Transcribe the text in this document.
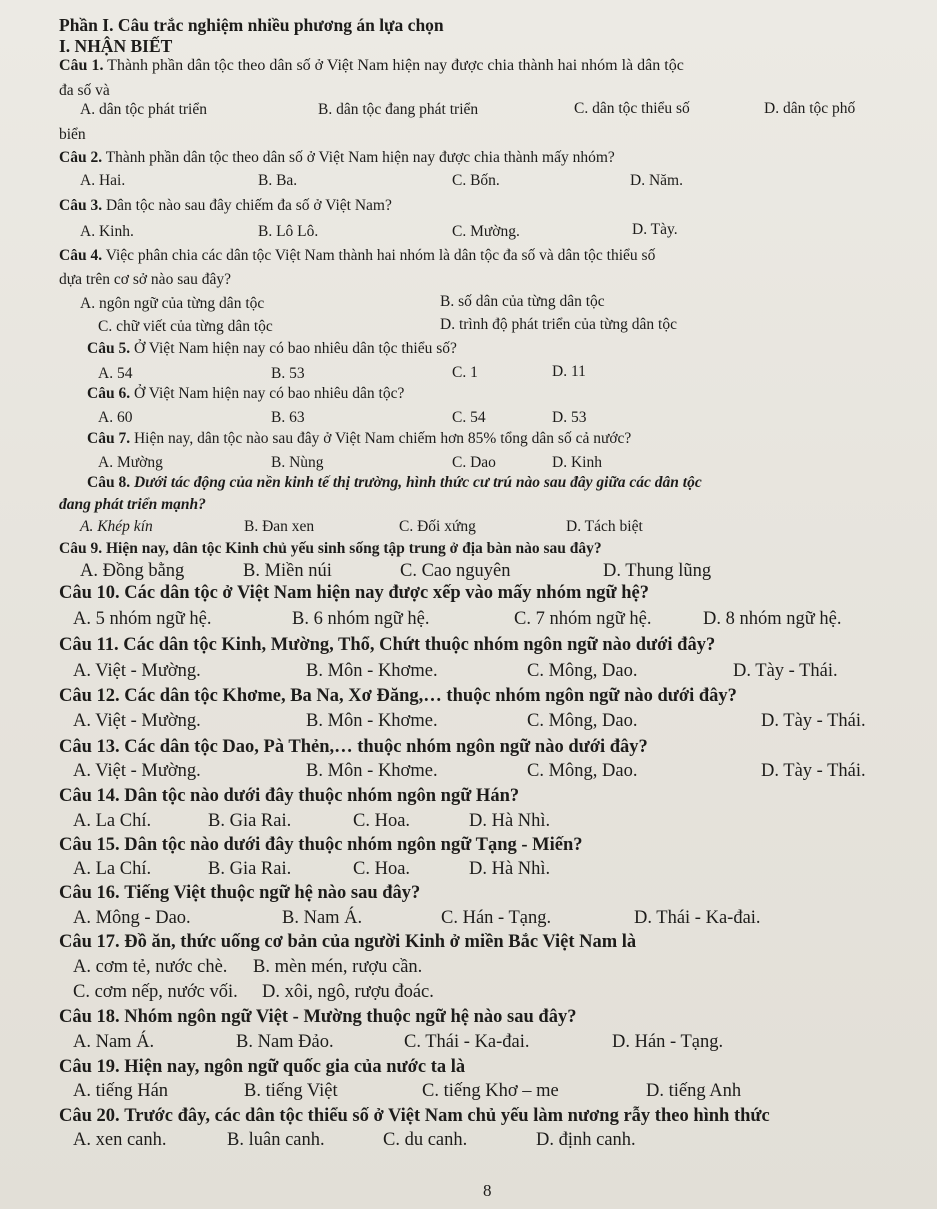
Phần I. Câu trắc nghiệm nhiều phương án lựa chọn
I. NHẬN BIẾT
Câu 1. Thành phần dân tộc theo dân số ở Việt Nam hiện nay được chia thành hai nhóm là dân tộc
đa số và
A. dân tộc phát triển	B. dân tộc đang phát triển	C. dân tộc thiểu số	D. dân tộc phố
biển
Câu 2. Thành phần dân tộc theo dân số ở Việt Nam hiện nay được chia thành mấy nhóm?
A. Hai.	B. Ba.	C. Bốn.	D. Năm.
Câu 3. Dân tộc nào sau đây chiếm đa số ở Việt Nam?
A. Kinh.	B. Lô Lô.	C. Mường.	D. Tày.
Câu 4. Việc phân chia các dân tộc Việt Nam thành hai nhóm là dân tộc đa số và dân tộc thiểu số
dựa trên cơ sở nào sau đây?
A. ngôn ngữ của từng dân tộc	B. số dân của từng dân tộc
C. chữ viết của từng dân tộc	D. trình độ phát triển của từng dân tộc
Câu 5. Ở Việt Nam hiện nay có bao nhiêu dân tộc thiểu số?
A. 54	B. 53	C. 1	D. 11
Câu 6. Ở Việt Nam hiện nay có bao nhiêu dân tộc?
A. 60	B. 63	C. 54	D. 53
Câu 7. Hiện nay, dân tộc nào sau đây ở Việt Nam chiếm hơn 85% tổng dân số cả nước?
A. Mường	B. Nùng	C. Dao	D. Kinh
Câu 8. Dưới tác động của nền kinh tế thị trường, hình thức cư trú nào sau đây giữa các dân tộc
đang phát triển mạnh?
A. Khép kín	B. Đan xen	C. Đối xứng	D. Tách biệt
Câu 9. Hiện nay, dân tộc Kinh chủ yếu sinh sống tập trung ở địa bàn nào sau đây?
A. Đồng bằng	B. Miền núi	C. Cao nguyên	D. Thung lũng
Câu 10. Các dân tộc ở Việt Nam hiện nay được xếp vào mấy nhóm ngữ hệ?
A. 5 nhóm ngữ hệ.	B. 6 nhóm ngữ hệ.	C. 7 nhóm ngữ hệ.	D. 8 nhóm ngữ hệ.
Câu 11. Các dân tộc Kinh, Mường, Thổ, Chứt thuộc nhóm ngôn ngữ nào dưới đây?
A. Việt - Mường.	B. Môn - Khơme.	C. Mông, Dao.	D. Tày - Thái.
Câu 12. Các dân tộc Khơme, Ba Na, Xơ Đăng,… thuộc nhóm ngôn ngữ nào dưới đây?
A. Việt - Mường.	B. Môn - Khơme.	C. Mông, Dao.	D. Tày - Thái.
Câu 13. Các dân tộc Dao, Pà Thẻn,… thuộc nhóm ngôn ngữ nào dưới đây?
A. Việt - Mường.	B. Môn - Khơme.	C. Mông, Dao.	D. Tày - Thái.
Câu 14. Dân tộc nào dưới đây thuộc nhóm ngôn ngữ Hán?
A. La Chí.	B. Gia Rai.	C. Hoa.	D. Hà Nhì.
Câu 15. Dân tộc nào dưới đây thuộc nhóm ngôn ngữ Tạng - Miến?
A. La Chí.	B. Gia Rai.	C. Hoa.	D. Hà Nhì.
Câu 16. Tiếng Việt thuộc ngữ hệ nào sau đây?
A. Mông - Dao.	B. Nam Á.	C. Hán - Tạng.	D. Thái - Ka-đai.
Câu 17. Đồ ăn, thức uống cơ bản của người Kinh ở miền Bắc Việt Nam là
A. cơm tẻ, nước chè. B. mèn mén, rượu cần.
C. cơm nếp, nước vối. D. xôi, ngô, rượu đoác.
Câu 18. Nhóm ngôn ngữ Việt - Mường thuộc ngữ hệ nào sau đây?
A. Nam Á.	B. Nam Đảo.	C. Thái - Ka-đai.	D. Hán - Tạng.
Câu 19. Hiện nay, ngôn ngữ quốc gia của nước ta là
A. tiếng Hán	B. tiếng Việt	C. tiếng Khơ – me	D. tiếng Anh
Câu 20. Trước đây, các dân tộc thiểu số ở Việt Nam chủ yếu làm nương rẫy theo hình thức
A. xen canh.	B. luân canh.	C. du canh.	D. định canh.
8
